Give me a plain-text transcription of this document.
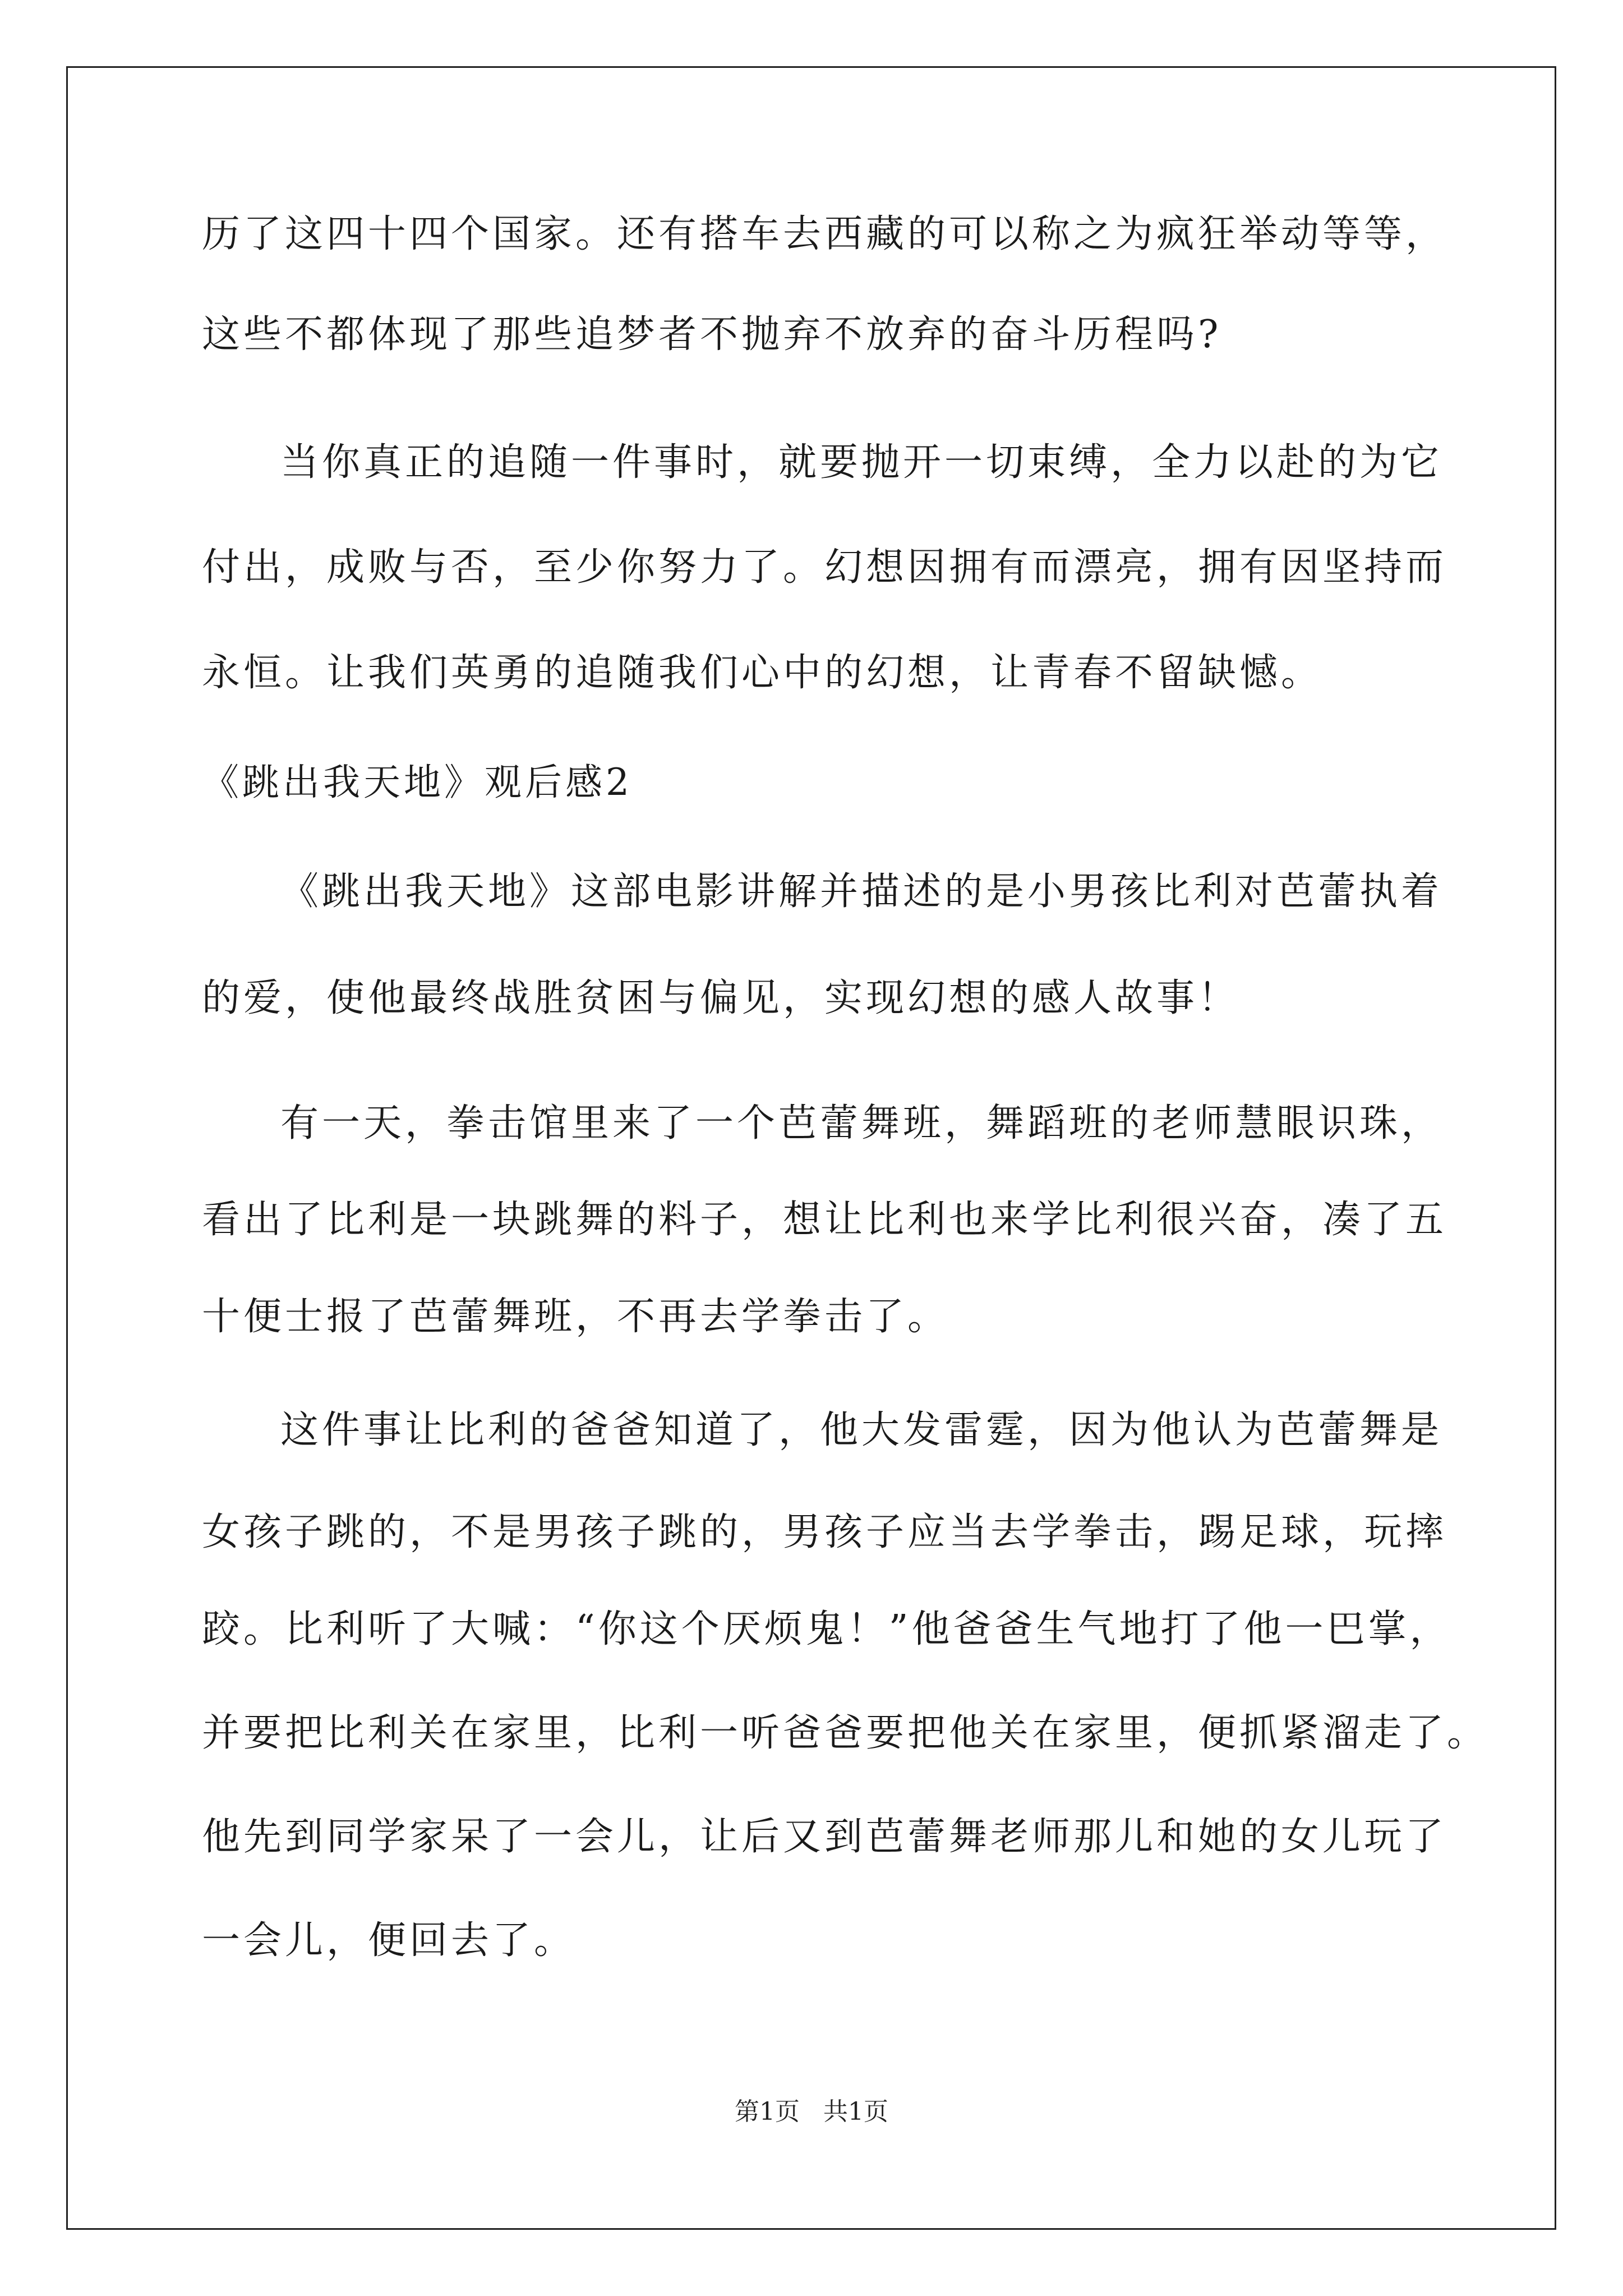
历了这四十四个国家。还有搭车去西藏的可以称之为疯狂举动等等，
这些不都体现了那些追梦者不抛弃不放弃的奋斗历程吗?
当你真正的追随一件事时，就要抛开一切束缚，全力以赴的为它
付出，成败与否，至少你努力了。幻想因拥有而漂亮，拥有因坚持而
永恒。让我们英勇的追随我们心中的幻想，让青春不留缺憾。
《跳出我天地》观后感2
《跳出我天地》这部电影讲解并描述的是小男孩比利对芭蕾执着
的爱，使他最终战胜贫困与偏见，实现幻想的感人故事！
有一天，拳击馆里来了一个芭蕾舞班，舞蹈班的老师慧眼识珠，
看出了比利是一块跳舞的料子，想让比利也来学比利很兴奋，凑了五
十便士报了芭蕾舞班，不再去学拳击了。
这件事让比利的爸爸知道了，他大发雷霆，因为他认为芭蕾舞是
女孩子跳的，不是男孩子跳的，男孩子应当去学拳击，踢足球，玩摔
跤。比利听了大喊：“你这个厌烦鬼！”他爸爸生气地打了他一巴掌，
并要把比利关在家里，比利一听爸爸要把他关在家里，便抓紧溜走了。
他先到同学家呆了一会儿，让后又到芭蕾舞老师那儿和她的女儿玩了
一会儿，便回去了。
第1页 共1页
